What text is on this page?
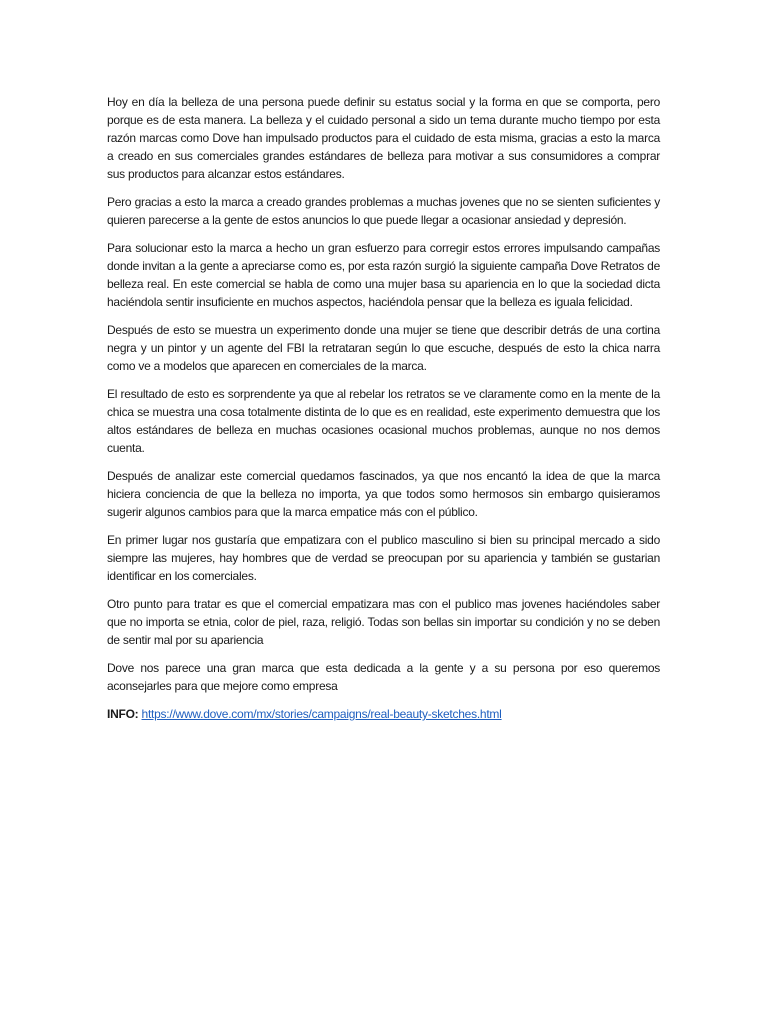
Hoy en día la belleza de una persona puede definir su estatus social y la forma en que se comporta, pero porque es de esta manera. La belleza y el cuidado personal a sido un tema durante mucho tiempo por esta razón marcas como Dove han impulsado productos para el cuidado de esta misma, gracias a esto la marca a creado en sus comerciales grandes estándares de belleza para motivar a sus consumidores a comprar sus productos para alcanzar estos estándares.

Pero gracias a esto la marca a creado grandes problemas a muchas jovenes que no se sienten suficientes y quieren parecerse a la gente de estos anuncios lo que puede llegar a ocasionar ansiedad y depresión.

Para solucionar esto la marca a hecho un gran esfuerzo para corregir estos errores impulsando campañas donde invitan a la gente a apreciarse como es, por esta razón surgió la siguiente campaña Dove Retratos de belleza real. En este comercial se habla de como una mujer basa su apariencia en lo que la sociedad dicta haciéndola sentir insuficiente en muchos aspectos, haciéndola pensar que la belleza es iguala felicidad.

Después de esto se muestra un experimento donde una mujer se tiene que describir detrás de una cortina negra y un pintor y un agente del FBI la retrataran según lo que escuche, después de esto la chica narra como ve a modelos que aparecen en comerciales de la marca.

El resultado de esto es sorprendente ya que al rebelar los retratos se ve claramente como en la mente de la chica se muestra una cosa totalmente distinta de lo que es en realidad, este experimento demuestra que los altos estándares de belleza en muchas ocasiones ocasional muchos problemas, aunque no nos demos cuenta.

Después de analizar este comercial quedamos fascinados, ya que nos encantó la idea de que la marca hiciera conciencia de que la belleza no importa, ya que todos somo hermosos sin embargo quisieramos sugerir algunos cambios para que la marca empatice más con el público.

En primer lugar nos gustaría que empatizara con el publico masculino si bien su principal mercado a sido siempre las mujeres, hay hombres que de verdad se preocupan por su apariencia y también se gustarian identificar en los comerciales.

Otro punto para tratar es que el comercial empatizara mas con el publico mas jovenes haciéndoles saber que no importa se etnia, color de piel, raza, religió. Todas son bellas sin importar su condición y no se deben de sentir mal por su apariencia

Dove nos parece una gran marca que esta dedicada a la gente y a su persona por eso queremos aconsejarles para que mejore como empresa

INFO: https://www.dove.com/mx/stories/campaigns/real-beauty-sketches.html
